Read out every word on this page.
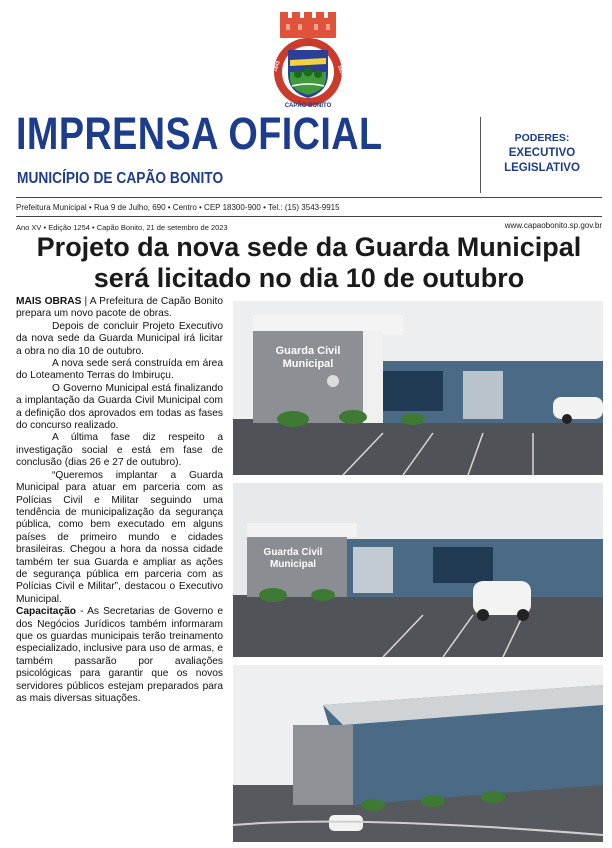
CAPÃO BONITO
1843	1857
IMPRENSA OFICIAL
MUNICÍPIO DE CAPÃO BONITO
PODERES:
EXECUTIVO
LEGISLATIVO
Prefeitura Municipal • Rua 9 de Julho, 690 • Centro • CEP 18300-900 • Tel.: (15) 3543-9915
Ano XV • Edição 1254 • Capão Bonito, 21 de setembro de 2023	www.capaobonito.sp.gov.br
Projeto da nova sede da Guarda Municipal
será licitado no dia 10 de outubro

MAIS OBRAS | A Prefeitura de Capão Bonito prepara um novo pacote de obras.

Depois de concluir Projeto Executivo da nova sede da Guarda Municipal irá licitar a obra no dia 10 de outubro.

A nova sede será construída em área do Loteamento Terras do Imbiruçu.

O Governo Municipal está finalizando a implantação da Guarda Civil Municipal com a definição dos aprovados em todas as fases do concurso realizado.

A última fase diz respeito a investigação social e está em fase de conclusão (dias 26 e 27 de outubro).

“Queremos implantar a Guarda Municipal para atuar em parceria com as Polícias Civil e Militar seguindo uma tendência de municipalização da segurança pública, como bem executado em alguns países de primeiro mundo e cidades brasileiras. Chegou a hora da nossa cidade também ter sua Guarda e ampliar as ações de segurança pública em parceria com as Polícias Civil e Militar”, destacou o Executivo Municipal.

Capacitação - As Secretarias de Governo e dos Negócios Jurídicos também informaram que os guardas municipais terão treinamento especializado, inclusive para uso de armas, e também passarão por avaliações psicológicas para garantir que os novos servidores públicos estejam preparados para as mais diversas situações.

Guarda Civil
Municipal
Guarda Civil
Municipal
